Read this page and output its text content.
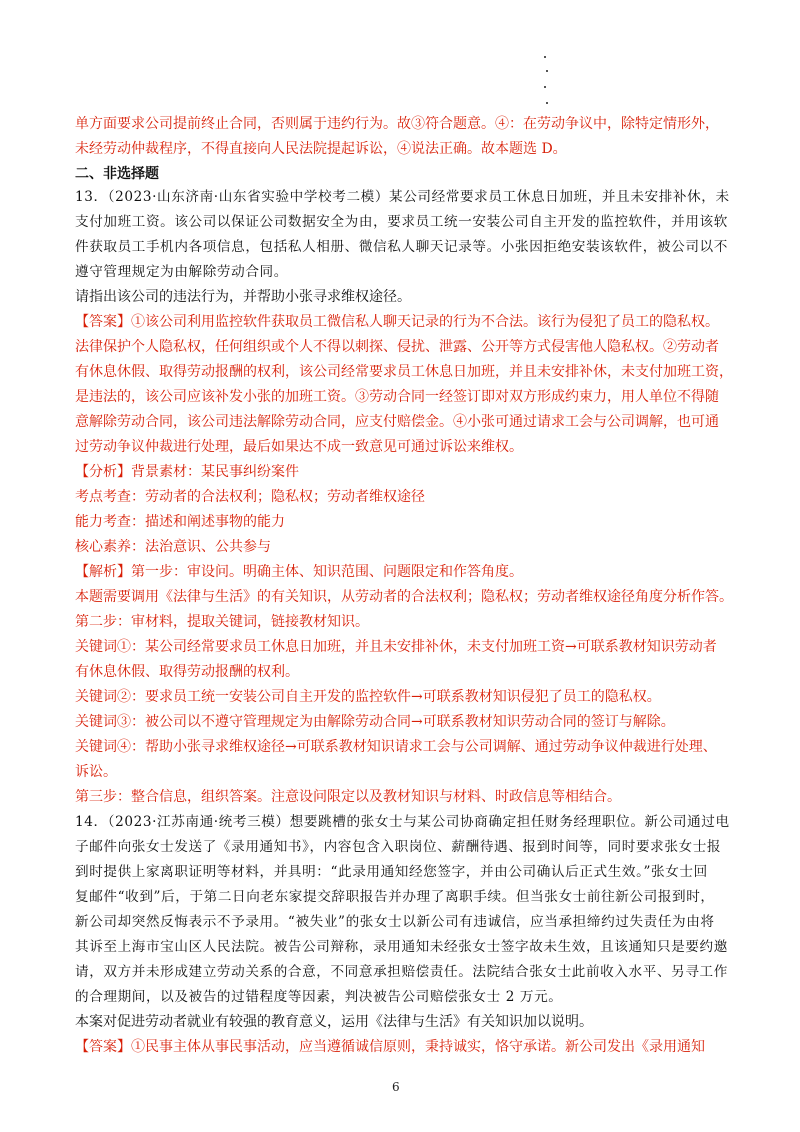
单方面要求公司提前终止合同，否则属于违约行为。故③符合题意。④：在劳动争议中，除特定情形外，
未经劳动仲裁程序，不得直接向人民法院提起诉讼，④说法正确。故本题选 D。
二、非选择题
13．（2023·山东济南·山东省实验中学校考二模）某公司经常要求员工休息日加班，并且未安排补休，未
支付加班工资。该公司以保证公司数据安全为由，要求员工统一安装公司自主开发的监控软件，并用该软
件获取员工手机内各项信息，包括私人相册、微信私人聊天记录等。小张因拒绝安装该软件，被公司以不
遵守管理规定为由解除劳动合同。
请指出该公司的违法行为，并帮助小张寻求维权途径。
【答案】①该公司利用监控软件获取员工微信私人聊天记录的行为不合法。该行为侵犯了员工的隐私权。
法律保护个人隐私权，任何组织或个人不得以刺探、侵扰、泄露、公开等方式侵害他人隐私权。②劳动者
有休息休假、取得劳动报酬的权利，该公司经常要求员工休息日加班，并且未安排补休，未支付加班工资，
是违法的，该公司应该补发小张的加班工资。③劳动合同一经签订即对双方形成约束力，用人单位不得随
意解除劳动合同，该公司违法解除劳动合同，应支付赔偿金。④小张可通过请求工会与公司调解，也可通
过劳动争议仲裁进行处理，最后如果达不成一致意见可通过诉讼来维权。
【分析】背景素材：某民事纠纷案件
考点考查：劳动者的合法权利；隐私权；劳动者维权途径
能力考查：描述和阐述事物的能力
核心素养：法治意识、公共参与
【解析】第一步：审设问。明确主体、知识范围、问题限定和作答角度。
本题需要调用《法律与生活》的有关知识，从劳动者的合法权利；隐私权；劳动者维权途径角度分析作答。
第二步：审材料，提取关键词，链接教材知识。
关键词①：某公司经常要求员工休息日加班，并且未安排补休，未支付加班工资→可联系教材知识劳动者
有休息休假、取得劳动报酬的权利。
关键词②：要求员工统一安装公司自主开发的监控软件→可联系教材知识侵犯了员工的隐私权。
关键词③：被公司以不遵守管理规定为由解除劳动合同→可联系教材知识劳动合同的签订与解除。
关键词④：帮助小张寻求维权途径→可联系教材知识请求工会与公司调解、通过劳动争议仲裁进行处理、
诉讼。
第三步：整合信息，组织答案。注意设问限定以及教材知识与材料、时政信息等相结合。
14．（2023·江苏南通·统考三模）想要跳槽的张女士与某公司协商确定担任财务经理职位。新公司通过电
子邮件向张女士发送了《录用通知书》，内容包含入职岗位、薪酬待遇、报到时间等，同时要求张女士报
到时提供上家离职证明等材料，并具明：“此录用通知经您签字，并由公司确认后正式生效。”张女士回
复邮件“收到”后，于第二日向老东家提交辞职报告并办理了离职手续。但当张女士前往新公司报到时，
新公司却突然反悔表示不予录用。“被失业”的张女士以新公司有违诚信，应当承担缔约过失责任为由将
其诉至上海市宝山区人民法院。被告公司辩称，录用通知未经张女士签字故未生效，且该通知只是要约邀
请，双方并未形成建立劳动关系的合意，不同意承担赔偿责任。法院结合张女士此前收入水平、另寻工作
的合理期间，以及被告的过错程度等因素，判决被告公司赔偿张女士 2 万元。
本案对促进劳动者就业有较强的教育意义，运用《法律与生活》有关知识加以说明。
【答案】①民事主体从事民事活动，应当遵循诚信原则，秉持诚实，恪守承诺。新公司发出《录用通知
6
